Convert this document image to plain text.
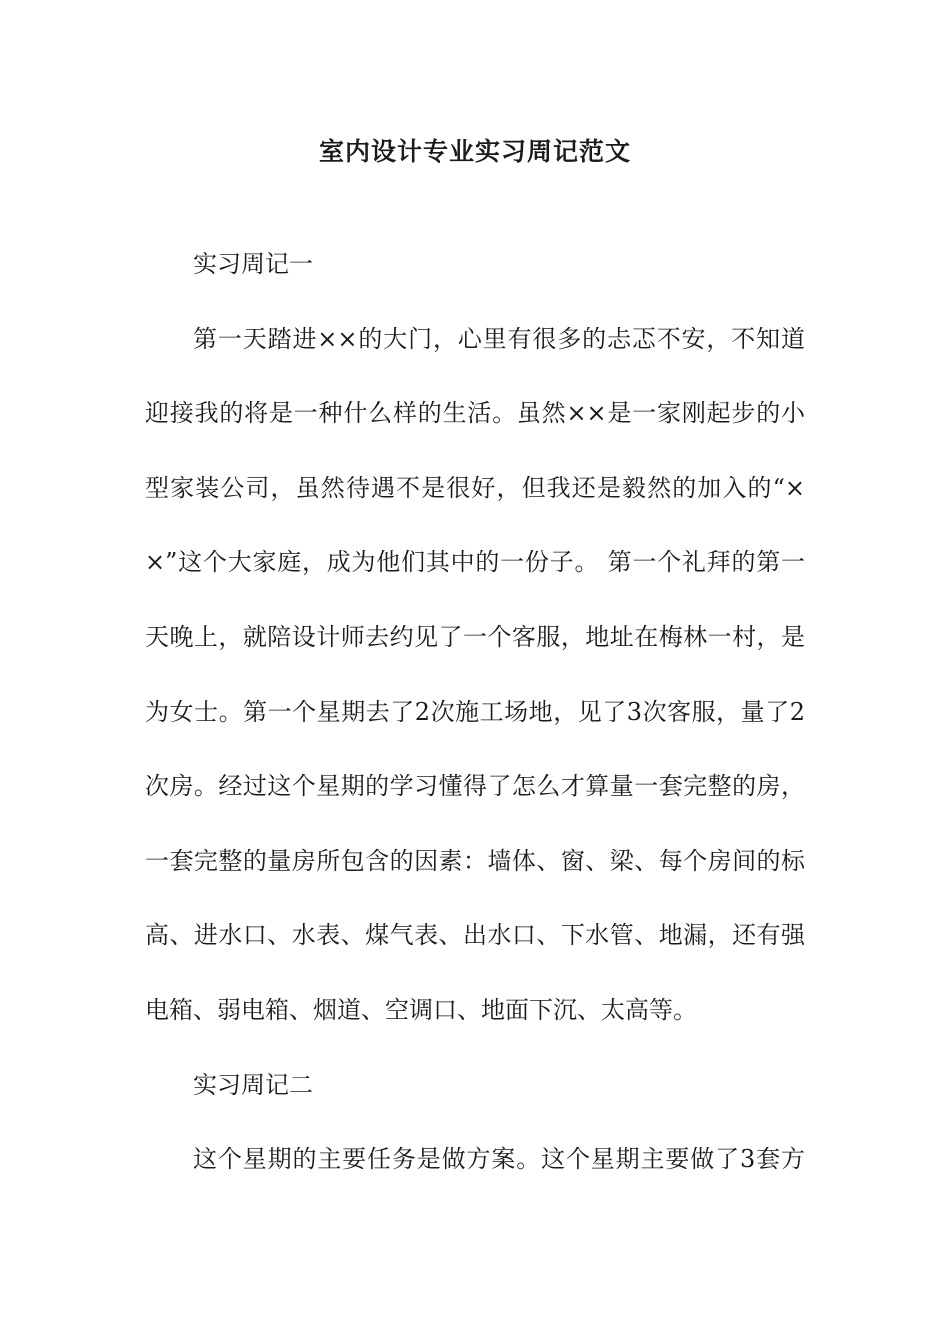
室内设计专业实习周记范文
实习周记一
第一天踏进××的大门，心里有很多的忐忑不安，不知道
迎接我的将是一种什么样的生活。虽然××是一家刚起步的小
型家装公司，虽然待遇不是很好，但我还是毅然的加入的“×
×”这个大家庭，成为他们其中的一份子。 第一个礼拜的第一
天晚上，就陪设计师去约见了一个客服，地址在梅林一村，是
为女士。第一个星期去了2次施工场地，见了3次客服，量了2
次房。经过这个星期的学习懂得了怎么才算量一套完整的房，
一套完整的量房所包含的因素：墙体、窗、梁、每个房间的标
高、进水口、水表、煤气表、出水口、下水管、地漏，还有强
电箱、弱电箱、烟道、空调口、地面下沉、太高等。
实习周记二
这个星期的主要任务是做方案。这个星期主要做了3套方
